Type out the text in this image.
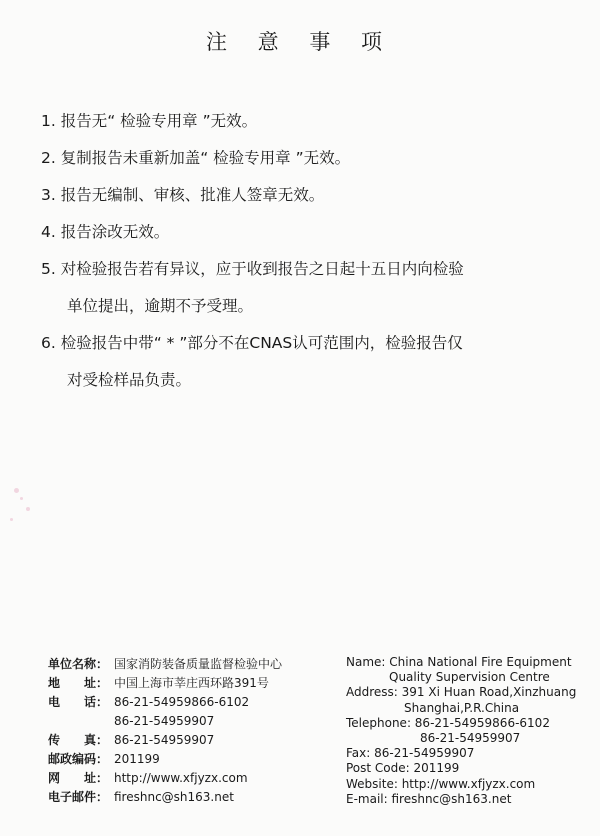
注 意 事 项
1. 报告无“ 检验专用章 ”无效。
2. 复制报告未重新加盖“ 检验专用章 ”无效。
3. 报告无编制、审核、批准人签章无效。
4. 报告涂改无效。
5. 对检验报告若有异议，应于收到报告之日起十五日内向检验
单位提出，逾期不予受理。
6. 检验报告中带“ * ”部分不在CNAS认可范围内，检验报告仅
对受检样品负责。
单位名称： 国家消防装备质量监督检验中心
地　　址： 中国上海市莘庄西环路391号
电　　话： 86-21-54959866-6102
86-21-54959907
传　　真： 86-21-54959907
邮政编码： 201199
网　　址： http://www.xfjyzx.com
电子邮件： fireshnc@sh163.net
Name: China National Fire Equipment
Quality Supervision Centre
Address: 391 Xi Huan Road,Xinzhuang
Shanghai,P.R.China
Telephone: 86-21-54959866-6102
86-21-54959907
Fax: 86-21-54959907
Post Code: 201199
Website: http://www.xfjyzx.com
E-mail: fireshnc@sh163.net
